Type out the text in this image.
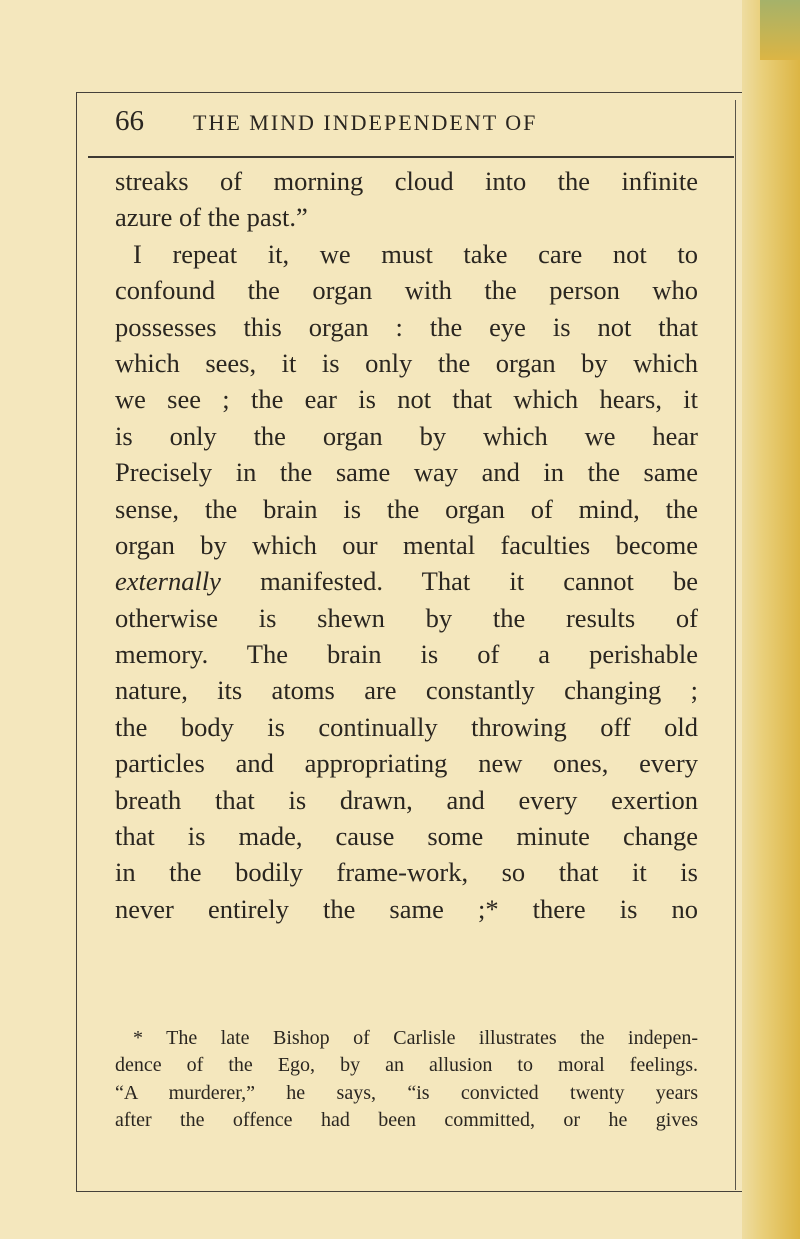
66 THE MIND INDEPENDENT OF
streaks of morning cloud into the infinite
azure of the past.”
I repeat it, we must take care not to
confound the organ with the person who
possesses this organ : the eye is not that
which sees, it is only the organ by which
we see ; the ear is not that which hears, it
is only the organ by which we hear
Precisely in the same way and in the same
sense, the brain is the organ of mind, the
organ by which our mental faculties become
externally manifested. That it cannot be
otherwise is shewn by the results of
memory. The brain is of a perishable
nature, its atoms are constantly changing ;
the body is continually throwing off old
particles and appropriating new ones, every
breath that is drawn, and every exertion
that is made, cause some minute change
in the bodily frame-work, so that it is
never entirely the same ;* there is no
* The late Bishop of Carlisle illustrates the indepen-
dence of the Ego, by an allusion to moral feelings.
“A murderer,” he says, “is convicted twenty years
after the offence had been committed, or he gives
